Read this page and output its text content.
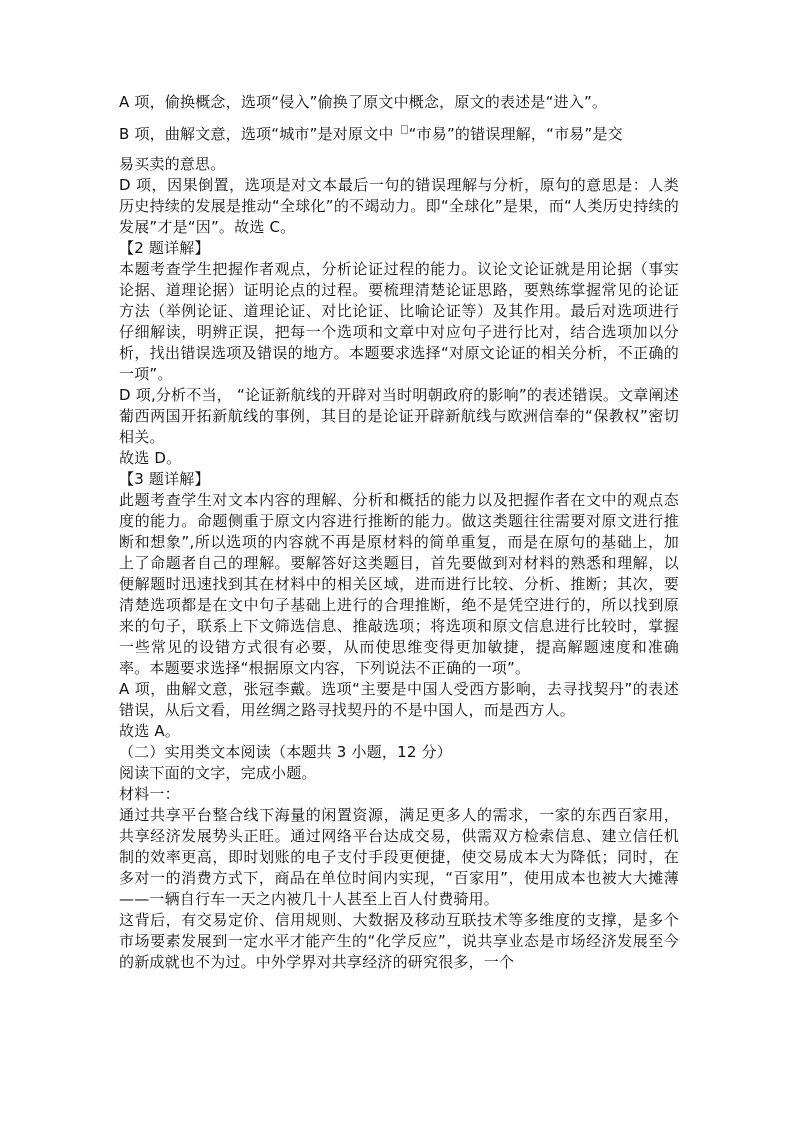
A 项，偷换概念，选项“侵入”偷换了原文中概念，原文的表述是“进入”。

B 项，曲解文意，选项“城市”是对原文中 “市易”的错误理解，“市易”是交

易买卖的意思。

D 项，因果倒置，选项是对文本最后一句的错误理解与分析，原句的意思是：人类历史持续的发展是推动“全球化”的不竭动力。即“全球化”是果，而“人类历史持续的发展”才是“因”。故选 C。

【2 题详解】

本题考查学生把握作者观点，分析论证过程的能力。议论文论证就是用论据（事实论据、道理论据）证明论点的过程。要梳理清楚论证思路，要熟练掌握常见的论证方法（举例论证、道理论证、对比论证、比喻论证等）及其作用。最后对选项进行仔细解读，明辨正误，把每一个选项和文章中对应句子进行比对，结合选项加以分析，找出错误选项及错误的地方。本题要求选择“对原文论证的相关分析，不正确的一项”。

D 项,分析不当， “论证新航线的开辟对当时明朝政府的影响”的表述错误。文章阐述葡西两国开拓新航线的事例，其目的是论证开辟新航线与欧洲信奉的“保教权”密切相关。

故选 D。

【3 题详解】

此题考查学生对文本内容的理解、分析和概括的能力以及把握作者在文中的观点态度的能力。命题侧重于原文内容进行推断的能力。做这类题往往需要对原文进行推断和想象”,所以选项的内容就不再是原材料的简单重复，而是在原句的基础上，加上了命题者自己的理解。要解答好这类题目，首先要做到对材料的熟悉和理解，以便解题时迅速找到其在材料中的相关区域，进而进行比较、分析、推断；其次，要清楚选项都是在文中句子基础上进行的合理推断，绝不是凭空进行的，所以找到原来的句子，联系上下文筛选信息、推敲选项；将选项和原文信息进行比较时，掌握一些常见的设错方式很有必要，从而使思维变得更加敏捷，提高解题速度和准确率。本题要求选择“根据原文内容，下列说法不正确的一项”。

A 项，曲解文意，张冠李戴。选项“主要是中国人受西方影响，去寻找契丹”的表述错误，从后文看，用丝绸之路寻找契丹的不是中国人，而是西方人。

故选 A。

（二）实用类文本阅读（本题共 3 小题，12 分）

阅读下面的文字，完成小题。

材料一：

通过共享平台整合线下海量的闲置资源，满足更多人的需求，一家的东西百家用，共享经济发展势头正旺。通过网络平台达成交易，供需双方检索信息、建立信任机制的效率更高，即时划账的电子支付手段更便捷，使交易成本大为降低；同时，在多对一的消费方式下，商品在单位时间内实现，“百家用”，使用成本也被大大摊薄——一辆自行车一天之内被几十人甚至上百人付费骑用。

这背后，有交易定价、信用规则、大数据及移动互联技术等多维度的支撑，是多个市场要素发展到一定水平才能产生的“化学反应”，说共享业态是市场经济发展至今的新成就也不为过。中外学界对共享经济的研究很多，一个
